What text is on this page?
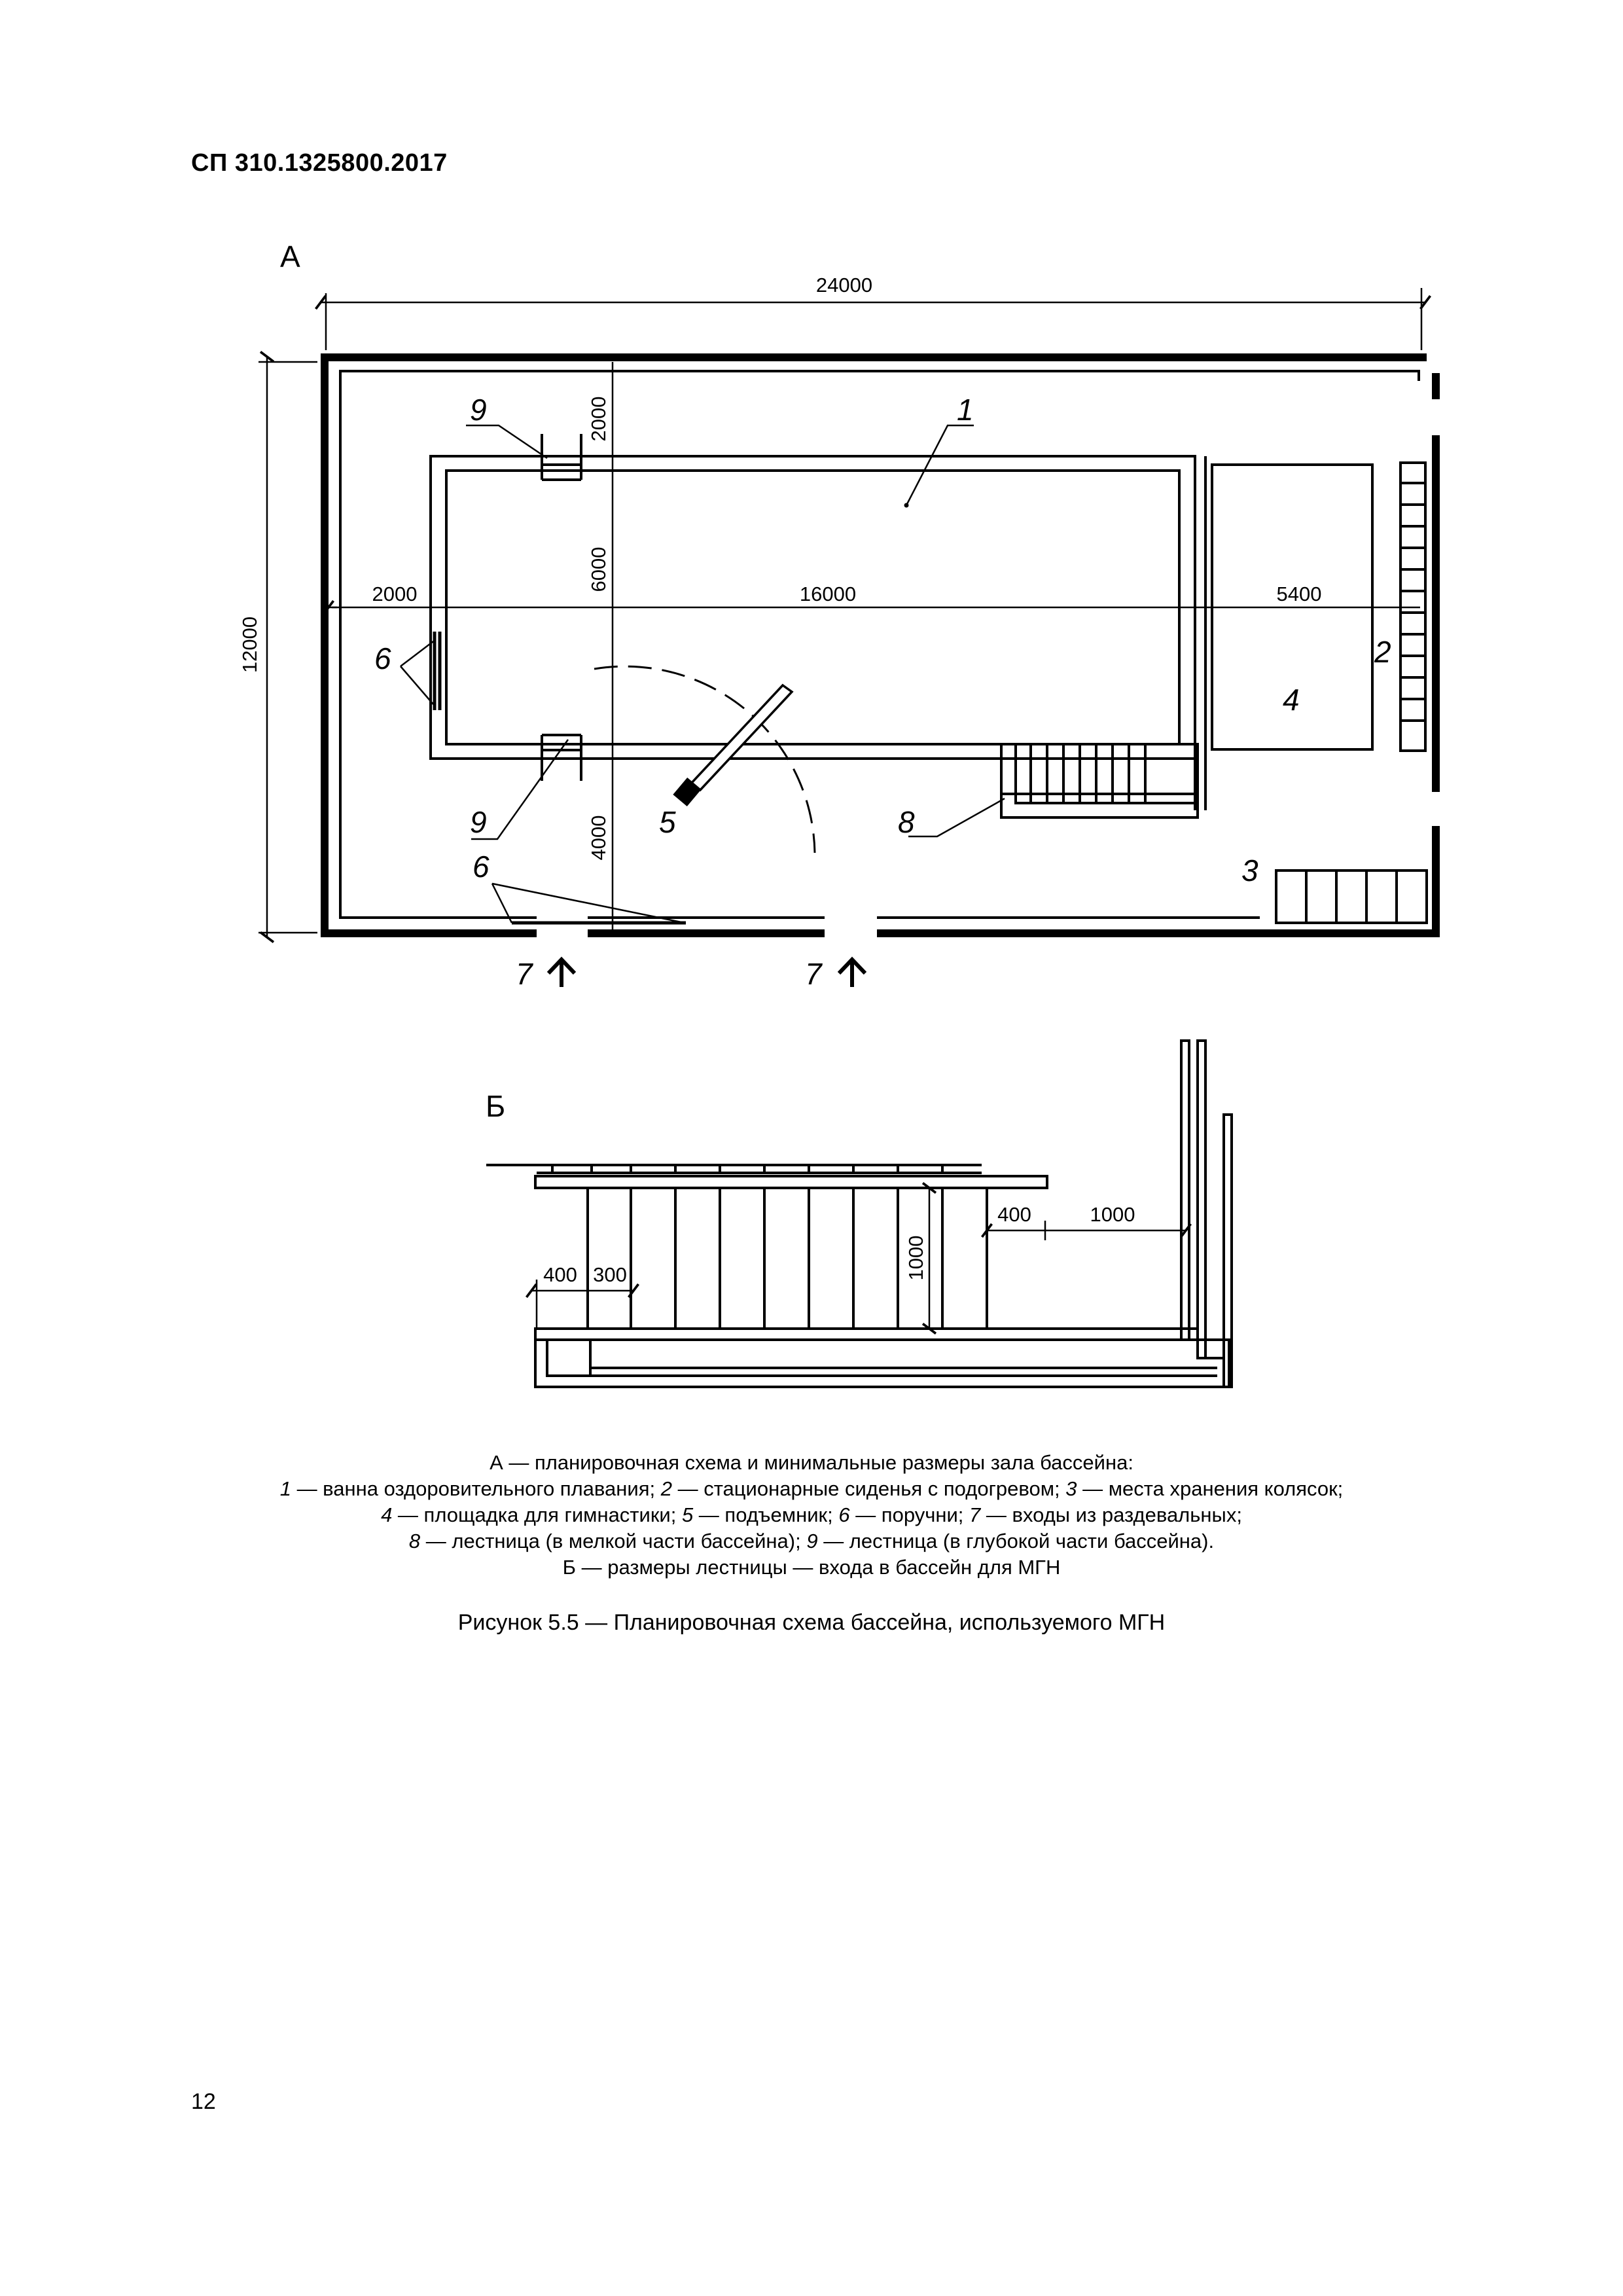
СП 310.1325800.2017
А
24000
12000
2000	16000	5400
2000
6000
4000
1
2
3
4
5
6
6
7	7
8
9
9
Б
400 300	1000
400	1000
А — планировочная схема и минимальные размеры зала бассейна:
1 — ванна оздоровительного плавания; 2 — стационарные сиденья с подогревом; 3 — места хранения колясок;
4 — площадка для гимнастики; 5 — подъемник; 6 — поручни; 7 — входы из раздевальных;
8 — лестница (в мелкой части бассейна); 9 — лестница (в глубокой части бассейна).
Б — размеры лестницы — входа в бассейн для МГН
Рисунок 5.5 — Планировочная схема бассейна, используемого МГН
12
